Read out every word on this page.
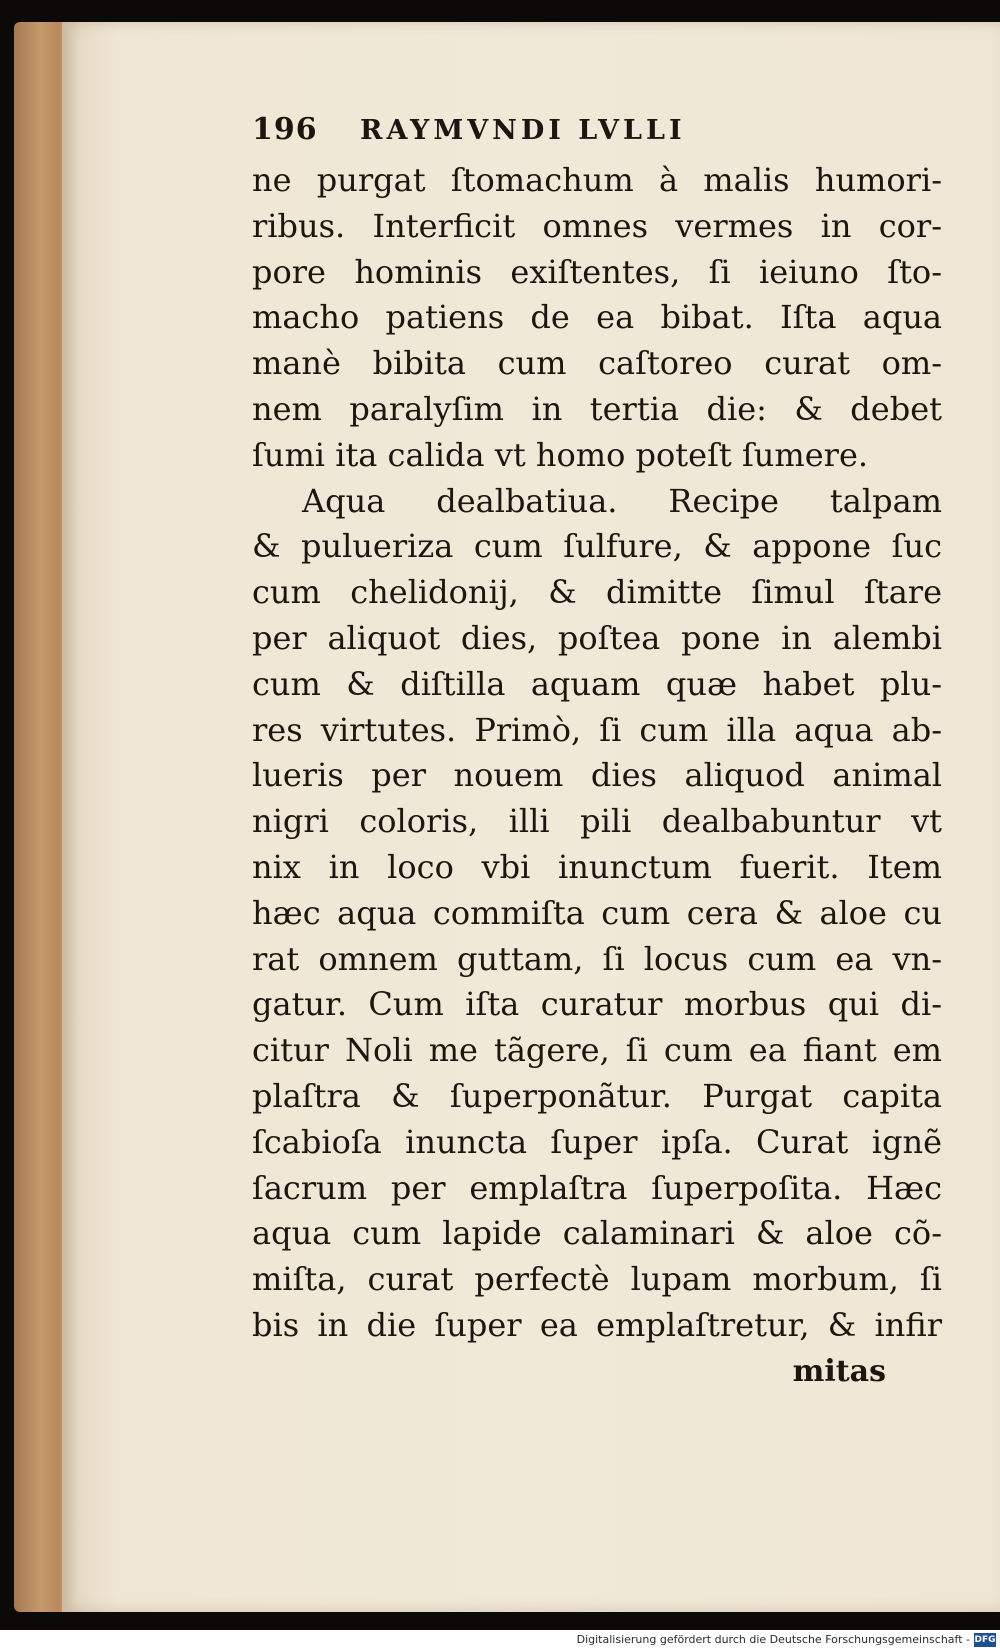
196	RAYMVNDI LVLLI
ne purgat ſtomachum à malis humori-
ribus. Interficit omnes vermes in cor-
pore hominis exiſtentes, ſi ieiuno ſto-
macho patiens de ea bibat. Iſta aqua
manè bibita cum caſtoreo curat om-
nem paralyſim in tertia die: & debet
ſumi ita calida vt homo poteſt ſumere.
Aqua dealbatiua. Recipe talpam
& pulueriza cum ſulfure, & appone ſuc
cum chelidonij, & dimitte ſimul ſtare
per aliquot dies, poſtea pone in alembi
cum & diſtilla aquam quæ habet plu-
res virtutes. Primò, ſi cum illa aqua ab-
lueris per nouem dies aliquod animal
nigri coloris, illi pili dealbabuntur vt
nix in loco vbi inunctum fuerit. Item
hæc aqua commiſta cum cera & aloe cu
rat omnem guttam, ſi locus cum ea vn-
gatur. Cum iſta curatur morbus qui di-
citur Noli me tãgere, ſi cum ea fiant em
plaſtra & ſuperponãtur. Purgat capita
ſcabioſa inuncta ſuper ipſa. Curat ignẽ
ſacrum per emplaſtra ſuperpoſita. Hæc
aqua cum lapide calaminari & aloe cõ-
miſta, curat perfectè lupam morbum, ſi
bis in die ſuper ea emplaſtretur, & infir
mitas
Digitalisierung gefördert durch die Deutsche Forschungsgemeinschaft - DFG
